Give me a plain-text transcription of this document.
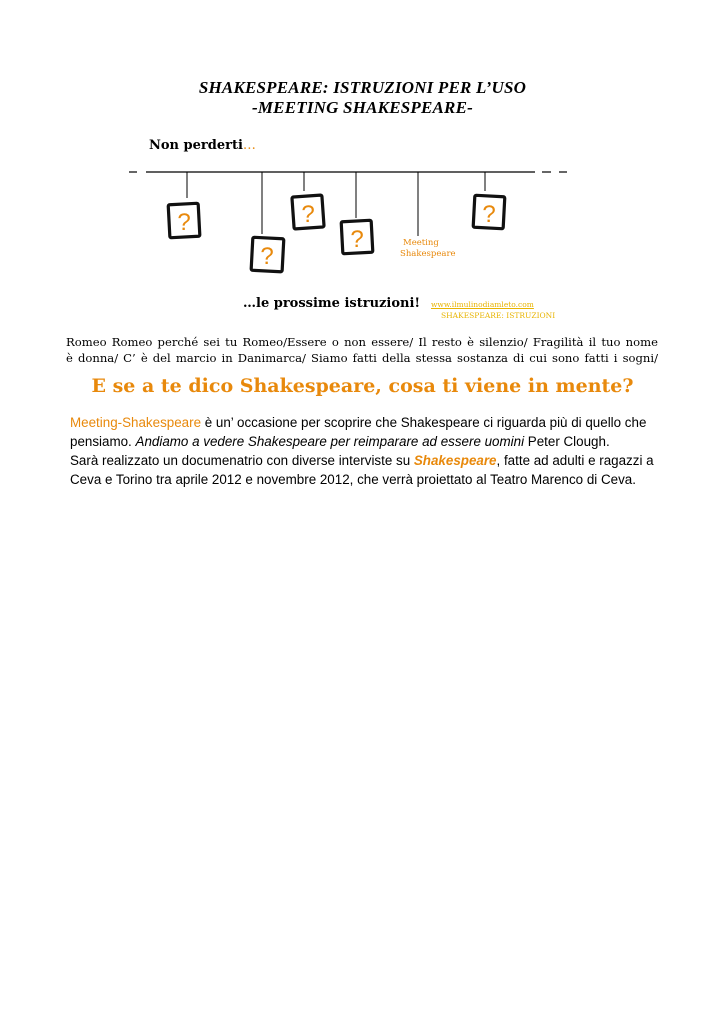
SHAKESPEARE: ISTRUZIONI PER L’USO
-MEETING SHAKESPEARE-
Non perderti…
?
?
?
?
?
Meeting
Shakespeare
…le prossime istruzioni! www.ilmulinodiamleto.com
SHAKESPEARE: ISTRUZIONI
Romeo Romeo perché sei tu Romeo/Essere o non essere/ Il resto è silenzio/ Fragilità il tuo nome
è donna/ C’ è del marcio in Danimarca/ Siamo fatti della stessa sostanza di cui sono fatti i sogni/
E se a te dico Shakespeare, cosa ti viene in mente?
Meeting-Shakespeare è un’ occasione per scoprire che Shakespeare ci riguarda più di quello che pensiamo. Andiamo a vedere Shakespeare per reimparare ad essere uomini Peter Clough.
Sarà realizzato un documenatrio con diverse interviste su Shakespeare, fatte ad adulti e ragazzi a Ceva e Torino tra aprile 2012 e novembre 2012, che verrà proiettato al Teatro Marenco di Ceva.
